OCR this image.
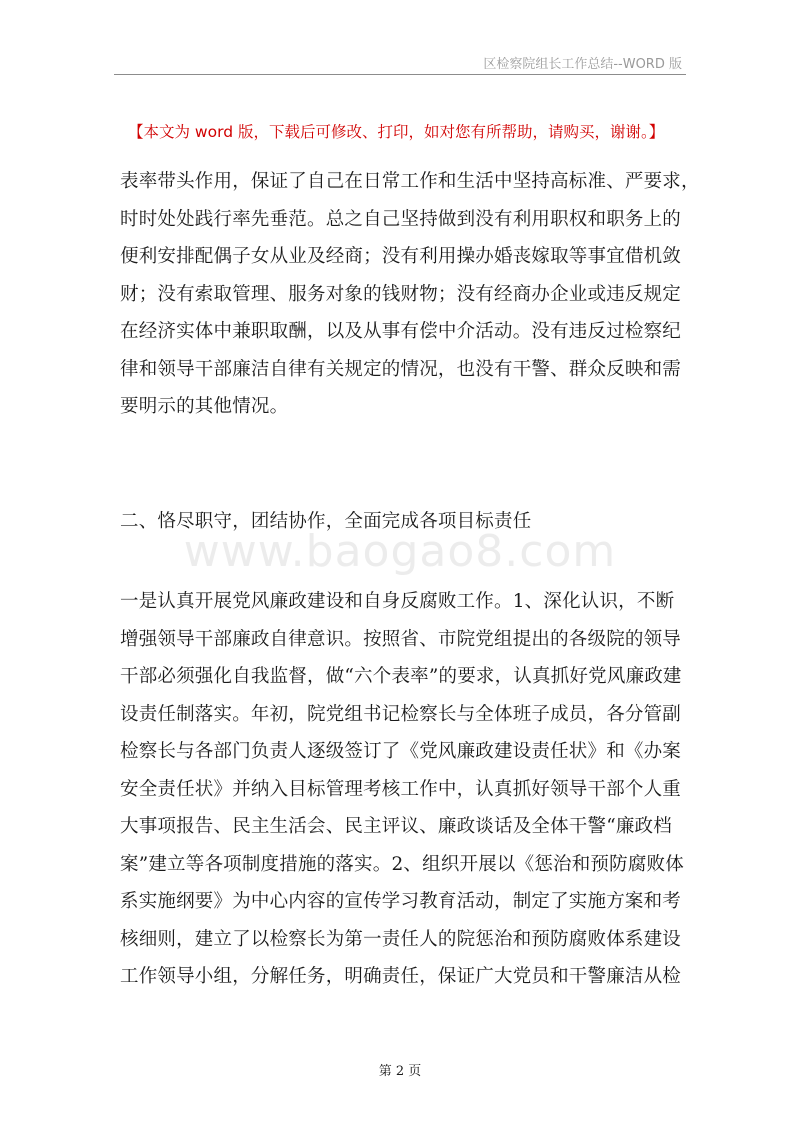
区检察院组长工作总结--WORD 版
【本文为 word 版，下载后可修改、打印，如对您有所帮助，请购买，谢谢。】
表率带头作用，保证了自己在日常工作和生活中坚持高标准、严要求，
时时处处践行率先垂范。总之自己坚持做到没有利用职权和职务上的
便利安排配偶子女从业及经商；没有利用操办婚丧嫁取等事宜借机敛
财；没有索取管理、服务对象的钱财物；没有经商办企业或违反规定
在经济实体中兼职取酬，以及从事有偿中介活动。没有违反过检察纪
律和领导干部廉洁自律有关规定的情况，也没有干警、群众反映和需
要明示的其他情况。
二、恪尽职守，团结协作，全面完成各项目标责任
www.baogao8.com
一是认真开展党风廉政建设和自身反腐败工作。1、深化认识，不断
增强领导干部廉政自律意识。按照省、市院党组提出的各级院的领导
干部必须强化自我监督，做“六个表率”的要求，认真抓好党风廉政建
设责任制落实。年初，院党组书记检察长与全体班子成员，各分管副
检察长与各部门负责人逐级签订了《党风廉政建设责任状》和《办案
安全责任状》并纳入目标管理考核工作中，认真抓好领导干部个人重
大事项报告、民主生活会、民主评议、廉政谈话及全体干警“廉政档
案”建立等各项制度措施的落实。2、组织开展以《惩治和预防腐败体
系实施纲要》为中心内容的宣传学习教育活动，制定了实施方案和考
核细则，建立了以检察长为第一责任人的院惩治和预防腐败体系建设
工作领导小组，分解任务，明确责任，保证广大党员和干警廉洁从检
第 2 页
